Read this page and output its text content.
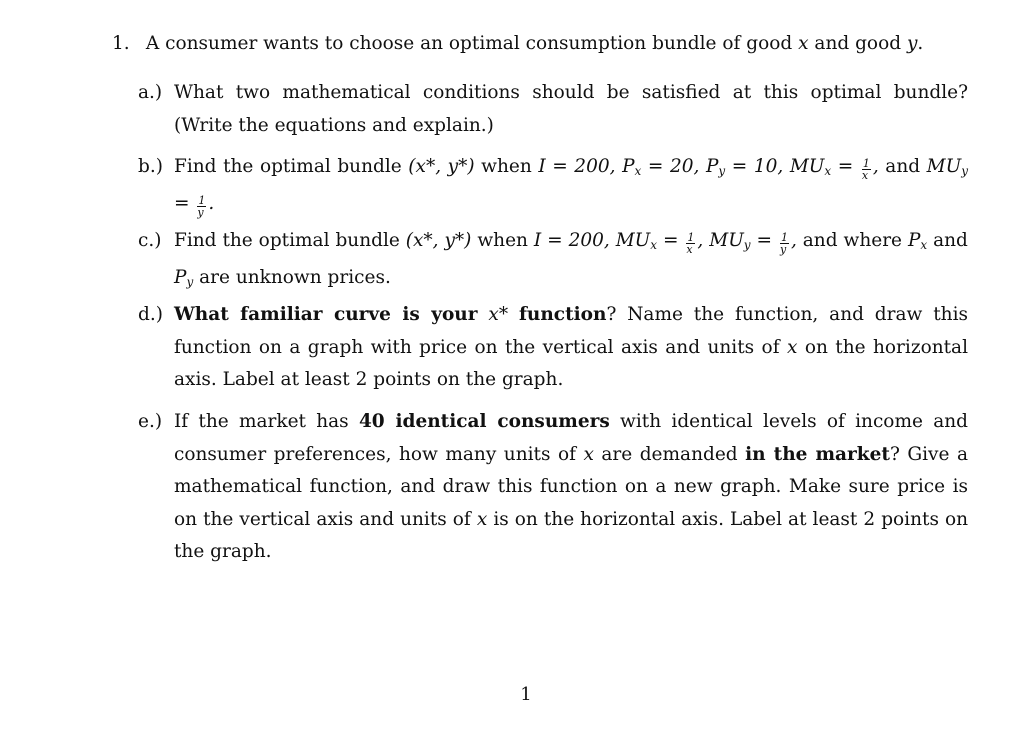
1. A consumer wants to choose an optimal consumption bundle of good x and good y.
a.) What two mathematical conditions should be satisfied at this optimal bundle? (Write the equations and explain.)
b.) Find the optimal bundle (x*, y*) when I = 200, $P_x = 20$, $P_y = 10$, $MU_x = \frac{1}{x}$ , and $MU_y = \frac{1}{y}$ .
c.) Find the optimal bundle (x*, y*) when I = 200, $MU_x = \frac{1}{x}$ , $MU_y = \frac{1}{y}$ , and where $P_x$ and $P_y$ are unknown prices.
d.) What familiar curve is your x* function? Name the function, and draw this function on a graph with price on the vertical axis and units of x on the horizontal axis. Label at least 2 points on the graph.
e.) If the market has 40 identical consumers with identical levels of income and consumer preferences, how many units of x are demanded in the market? Give a mathematical function, and draw this function on a new graph. Make sure price is on the vertical axis and units of x is on the horizontal axis. Label at least 2 points on the graph.
1
